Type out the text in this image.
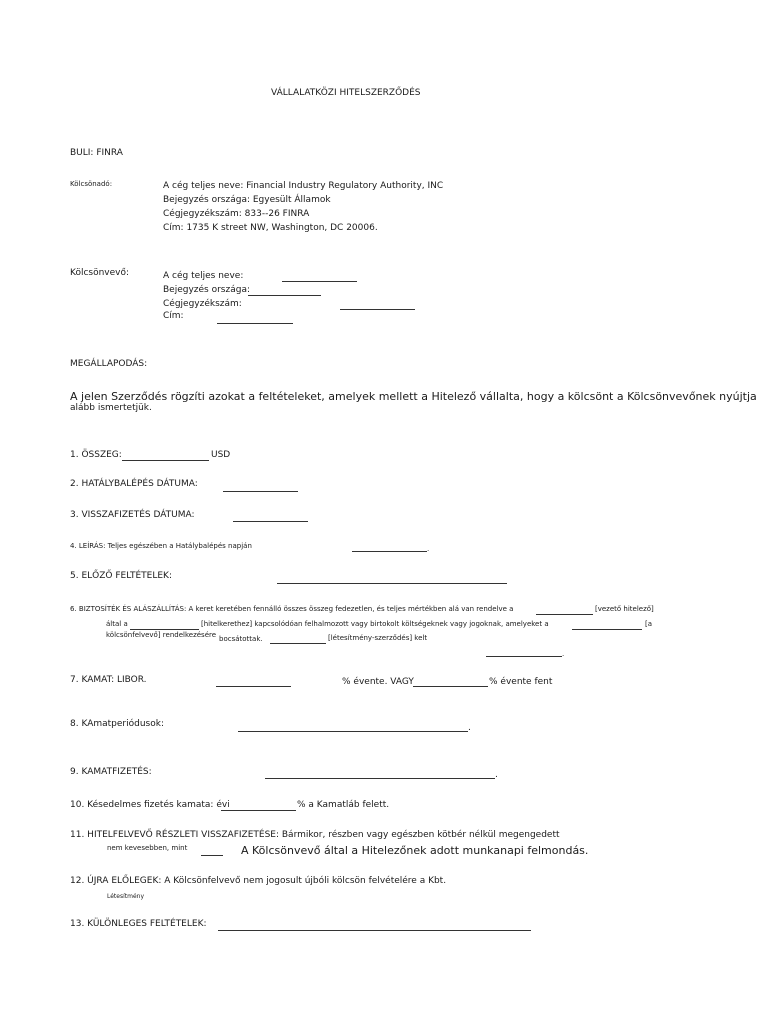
VÁLLALATKÖZI HITELSZERZŐDÉS
BULI: FINRA
Kölcsönadó:	A cég teljes neve: Financial Industry Regulatory Authority, INC
Bejegyzés országa: Egyesült Államok
Cégjegyzékszám: 833--26 FINRA
Cím: 1735 K street NW, Washington, DC 20006.
Kölcsönvevő:	A cég teljes neve:
Bejegyzés országa:
Cégjegyzékszám:
Cím:
MEGÁLLAPODÁS:
A jelen Szerződés rögzíti azokat a feltételeket, amelyek mellett a Hitelező vállalta, hogy a kölcsönt a Kölcsönvevőnek nyújtja
alább ismertetjük.
1. ÖSSZEG:	USD
2. HATÁLYBALÉPÉS DÁTUMA:
3. VISSZAFIZETÉS DÁTUMA:
4. LEÍRÁS: Teljes egészében a Hatálybalépés napján	.
5. ELŐZŐ FELTÉTELEK:
6. BIZTOSÍTÉK ÉS ALÁSZÁLLÍTÁS: A keret keretében fennálló összes összeg fedezetlen, és teljes mértékben alá van rendelve a	[vezető hitelező]
által a	[hitelkerethez] kapcsolódóan felhalmozott vagy birtokolt költségeknek vagy jogoknak, amelyeket a	[a
kölcsönfelvevő] rendelkezésére bocsátottak.	[létesítmény-szerződés] kelt
.
7. KAMAT: LIBOR.	% évente. VAGY	% évente fent
8. KAmatperiódusok:	.
9. KAMATFIZETÉS:	.
10. Késedelmes fizetés kamata: évi	% a Kamatláb felett.
11. HITELFELVEVŐ RÉSZLETI VISSZAFIZETÉSE: Bármikor, részben vagy egészben kötbér nélkül megengedett
nem kevesebben, mint	A Kölcsönvevő által a Hitelezőnek adott munkanapi felmondás.
12. ÚJRA ELŐLEGEK: A Kölcsönfelvevő nem jogosult újbóli kölcsön felvételére a Kbt.
Létesítmény
13. KÜLÖNLEGES FELTÉTELEK:
